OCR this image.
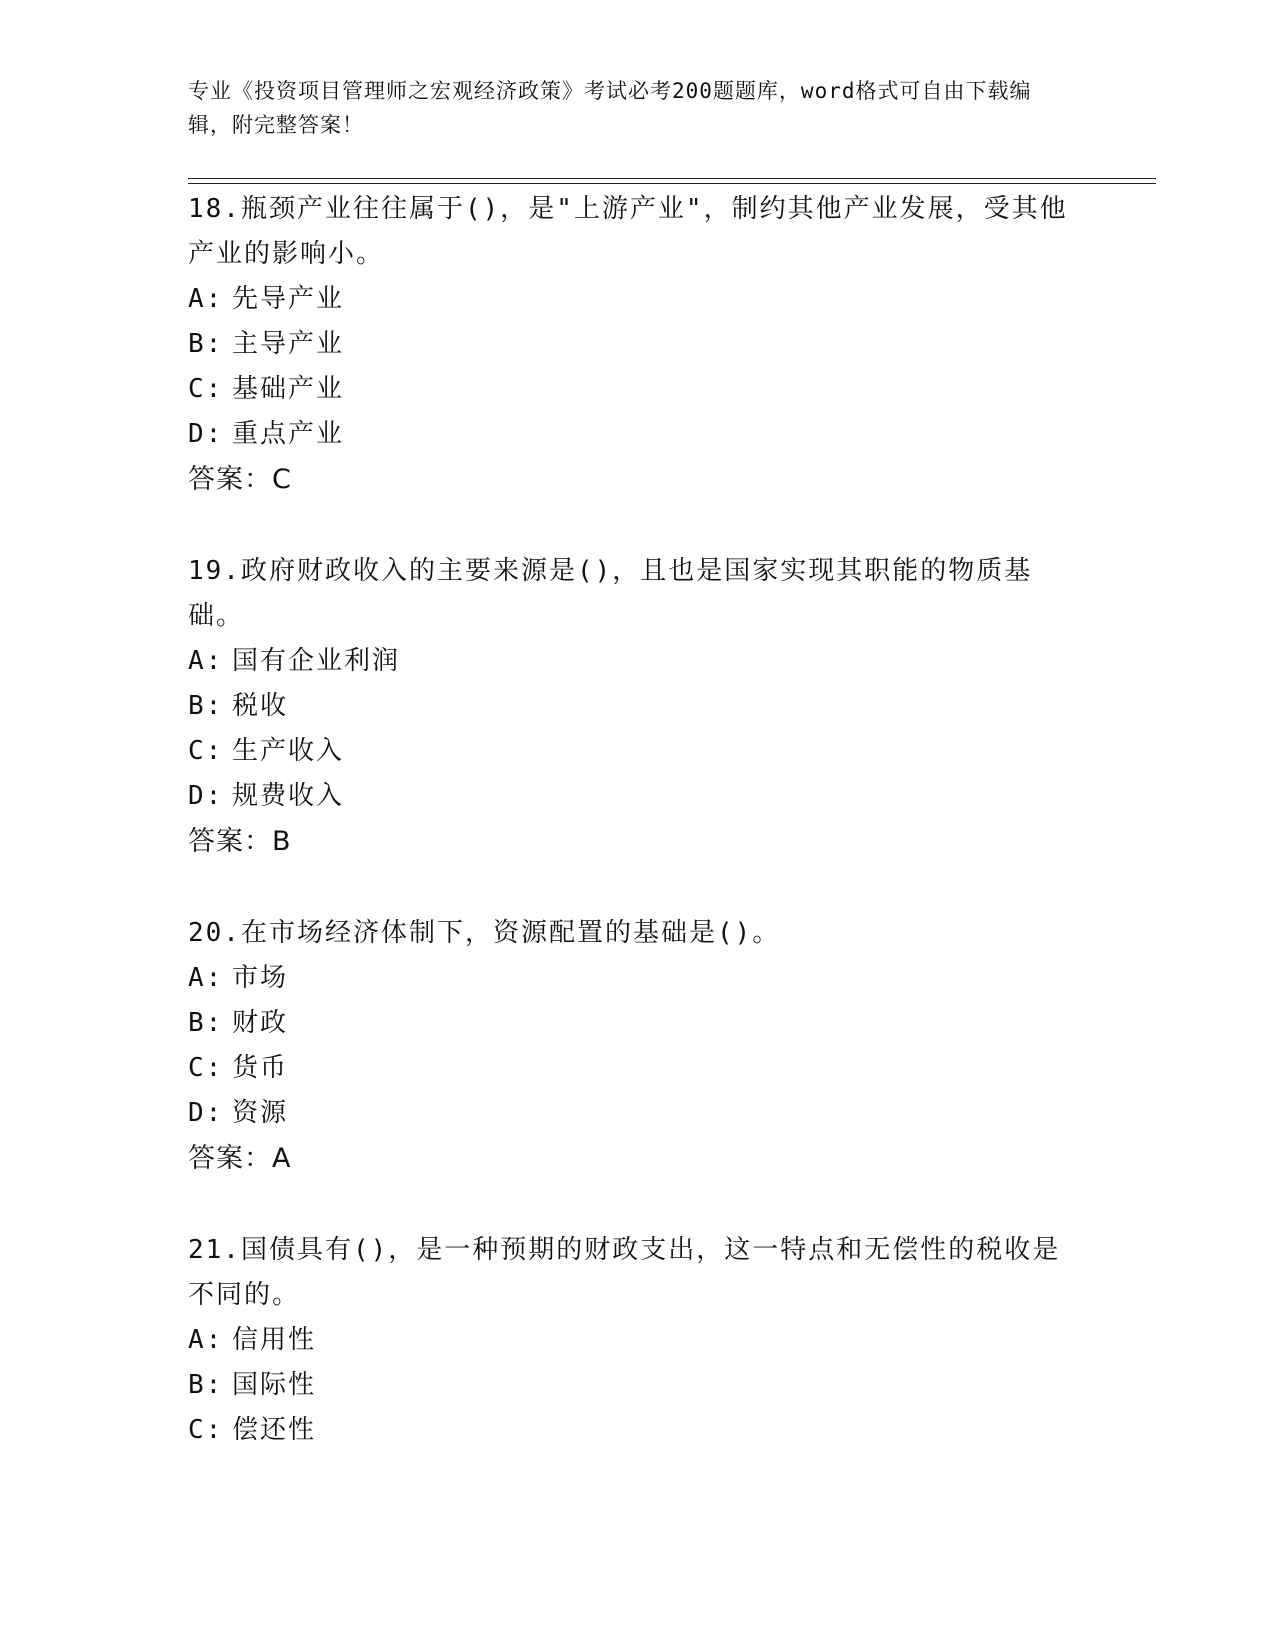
专业《投资项目管理师之宏观经济政策》考试必考200题题库，word格式可自由下载编辑，附完整答案！
18.瓶颈产业往往属于()，是"上游产业"，制约其他产业发展，受其他产业的影响小。
A: 先导产业
B: 主导产业
C: 基础产业
D: 重点产业
答案：C
19.政府财政收入的主要来源是()，且也是国家实现其职能的物质基础。
A: 国有企业利润
B: 税收
C: 生产收入
D: 规费收入
答案：B
20.在市场经济体制下，资源配置的基础是()。
A: 市场
B: 财政
C: 货币
D: 资源
答案：A
21.国债具有()，是一种预期的财政支出，这一特点和无偿性的税收是不同的。
A: 信用性
B: 国际性
C: 偿还性
